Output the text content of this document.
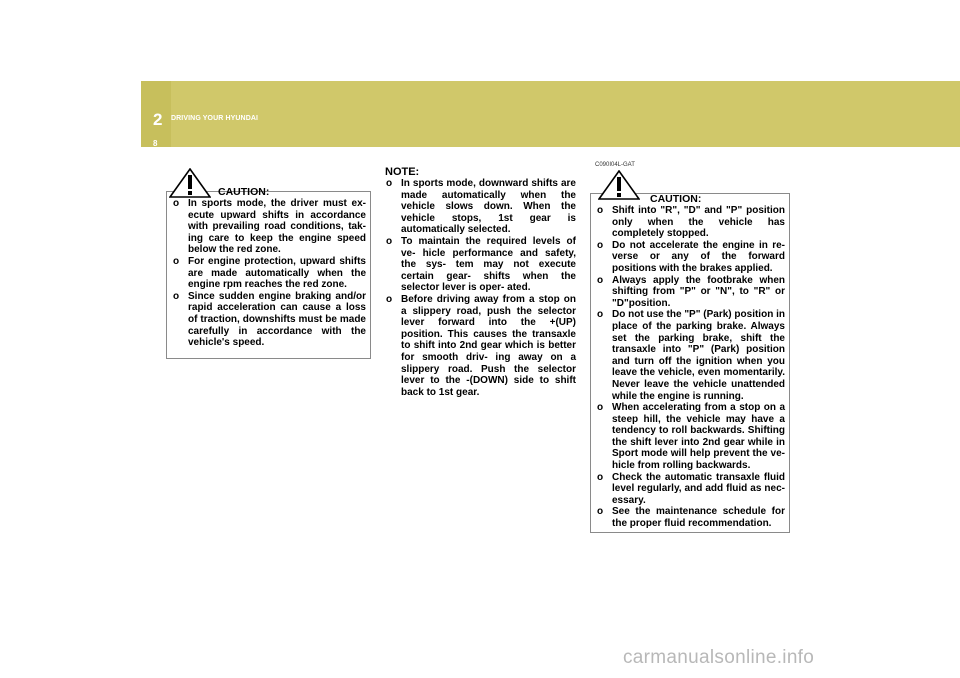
2 DRIVING YOUR HYUNDAI
8
CAUTION:
o In sports mode, the driver must ex- ecute upward shifts in accordance with prevailing road conditions, tak- ing care to keep the engine speed below the red zone.
o For engine protection, upward shifts are made automatically when the engine rpm reaches the red zone.
o Since sudden engine braking and/or rapid acceleration can cause a loss of traction, downshifts must be made carefully in accordance with the vehicle's speed.
NOTE:
o In sports mode, downward shifts are made automatically when the vehicle slows down. When the vehicle stops, 1st gear is automatically selected.
o To maintain the required levels of ve- hicle performance and safety, the sys- tem may not execute certain gear- shifts when the selector lever is oper- ated.
o Before driving away from a stop on a slippery road, push the selector lever forward into the +(UP) position. This causes the transaxle to shift into 2nd gear which is better for smooth driv- ing away on a slippery road. Push the selector lever to the -(DOWN) side to shift back to 1st gear.
C090I04L-GAT
CAUTION:
o Shift into "R", "D" and "P" position only when the vehicle has completely stopped.
o Do not accelerate the engine in re- verse or any of the forward positions with the brakes applied.
o Always apply the footbrake when shifting from "P" or "N", to "R" or "D"position.
o Do not use the "P" (Park) position in place of the parking brake. Always set the parking brake, shift the transaxle into "P" (Park) position and turn off the ignition when you leave the vehicle, even momentarily. Never leave the vehicle unattended while the engine is running.
o When accelerating from a stop on a steep hill, the vehicle may have a tendency to roll backwards. Shifting the shift lever into 2nd gear while in Sport mode will help prevent the ve- hicle from rolling backwards.
o Check the automatic transaxle fluid level regularly, and add fluid as nec- essary.
o See the maintenance schedule for the proper fluid recommendation.
carmanualsonline.info
